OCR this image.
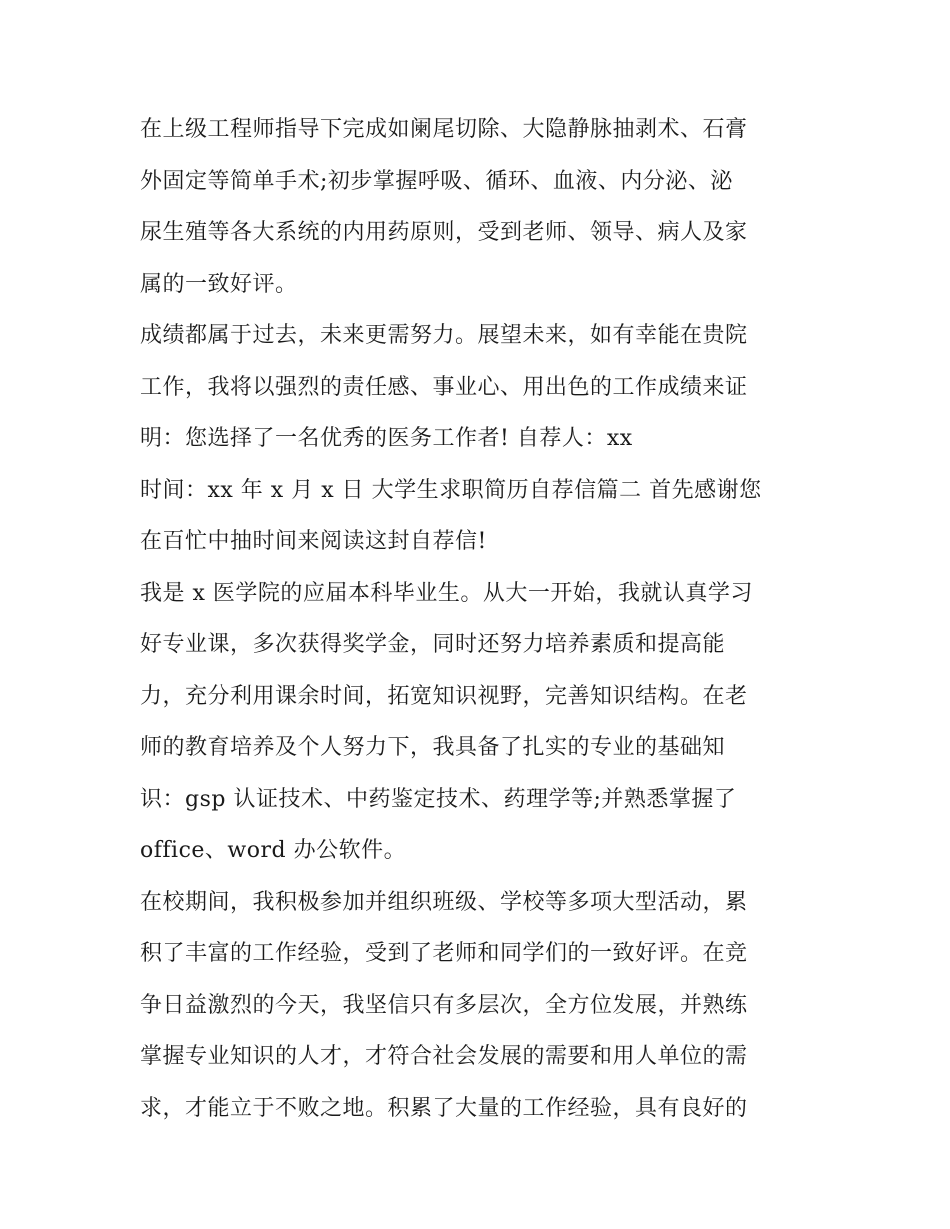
在上级工程师指导下完成如阑尾切除、大隐静脉抽剥术、石膏
外固定等简单手术;初步掌握呼吸、循环、血液、内分泌、泌
尿生殖等各大系统的内用药原则，受到老师、领导、病人及家
属的一致好评。
成绩都属于过去，未来更需努力。展望未来，如有幸能在贵院
工作，我将以强烈的责任感、事业心、用出色的工作成绩来证
明：您选择了一名优秀的医务工作者! 自荐人：xx
时间：xx 年 x 月 x 日 大学生求职简历自荐信篇二 首先感谢您
在百忙中抽时间来阅读这封自荐信!
我是 x 医学院的应届本科毕业生。从大一开始，我就认真学习
好专业课，多次获得奖学金，同时还努力培养素质和提高能
力，充分利用课余时间，拓宽知识视野，完善知识结构。在老
师的教育培养及个人努力下，我具备了扎实的专业的基础知
识：gsp 认证技术、中药鉴定技术、药理学等;并熟悉掌握了
office、word 办公软件。
在校期间，我积极参加并组织班级、学校等多项大型活动，累
积了丰富的工作经验，受到了老师和同学们的一致好评。在竞
争日益激烈的今天，我坚信只有多层次，全方位发展，并熟练
掌握专业知识的人才，才符合社会发展的需要和用人单位的需
求，才能立于不败之地。积累了大量的工作经验，具有良好的
